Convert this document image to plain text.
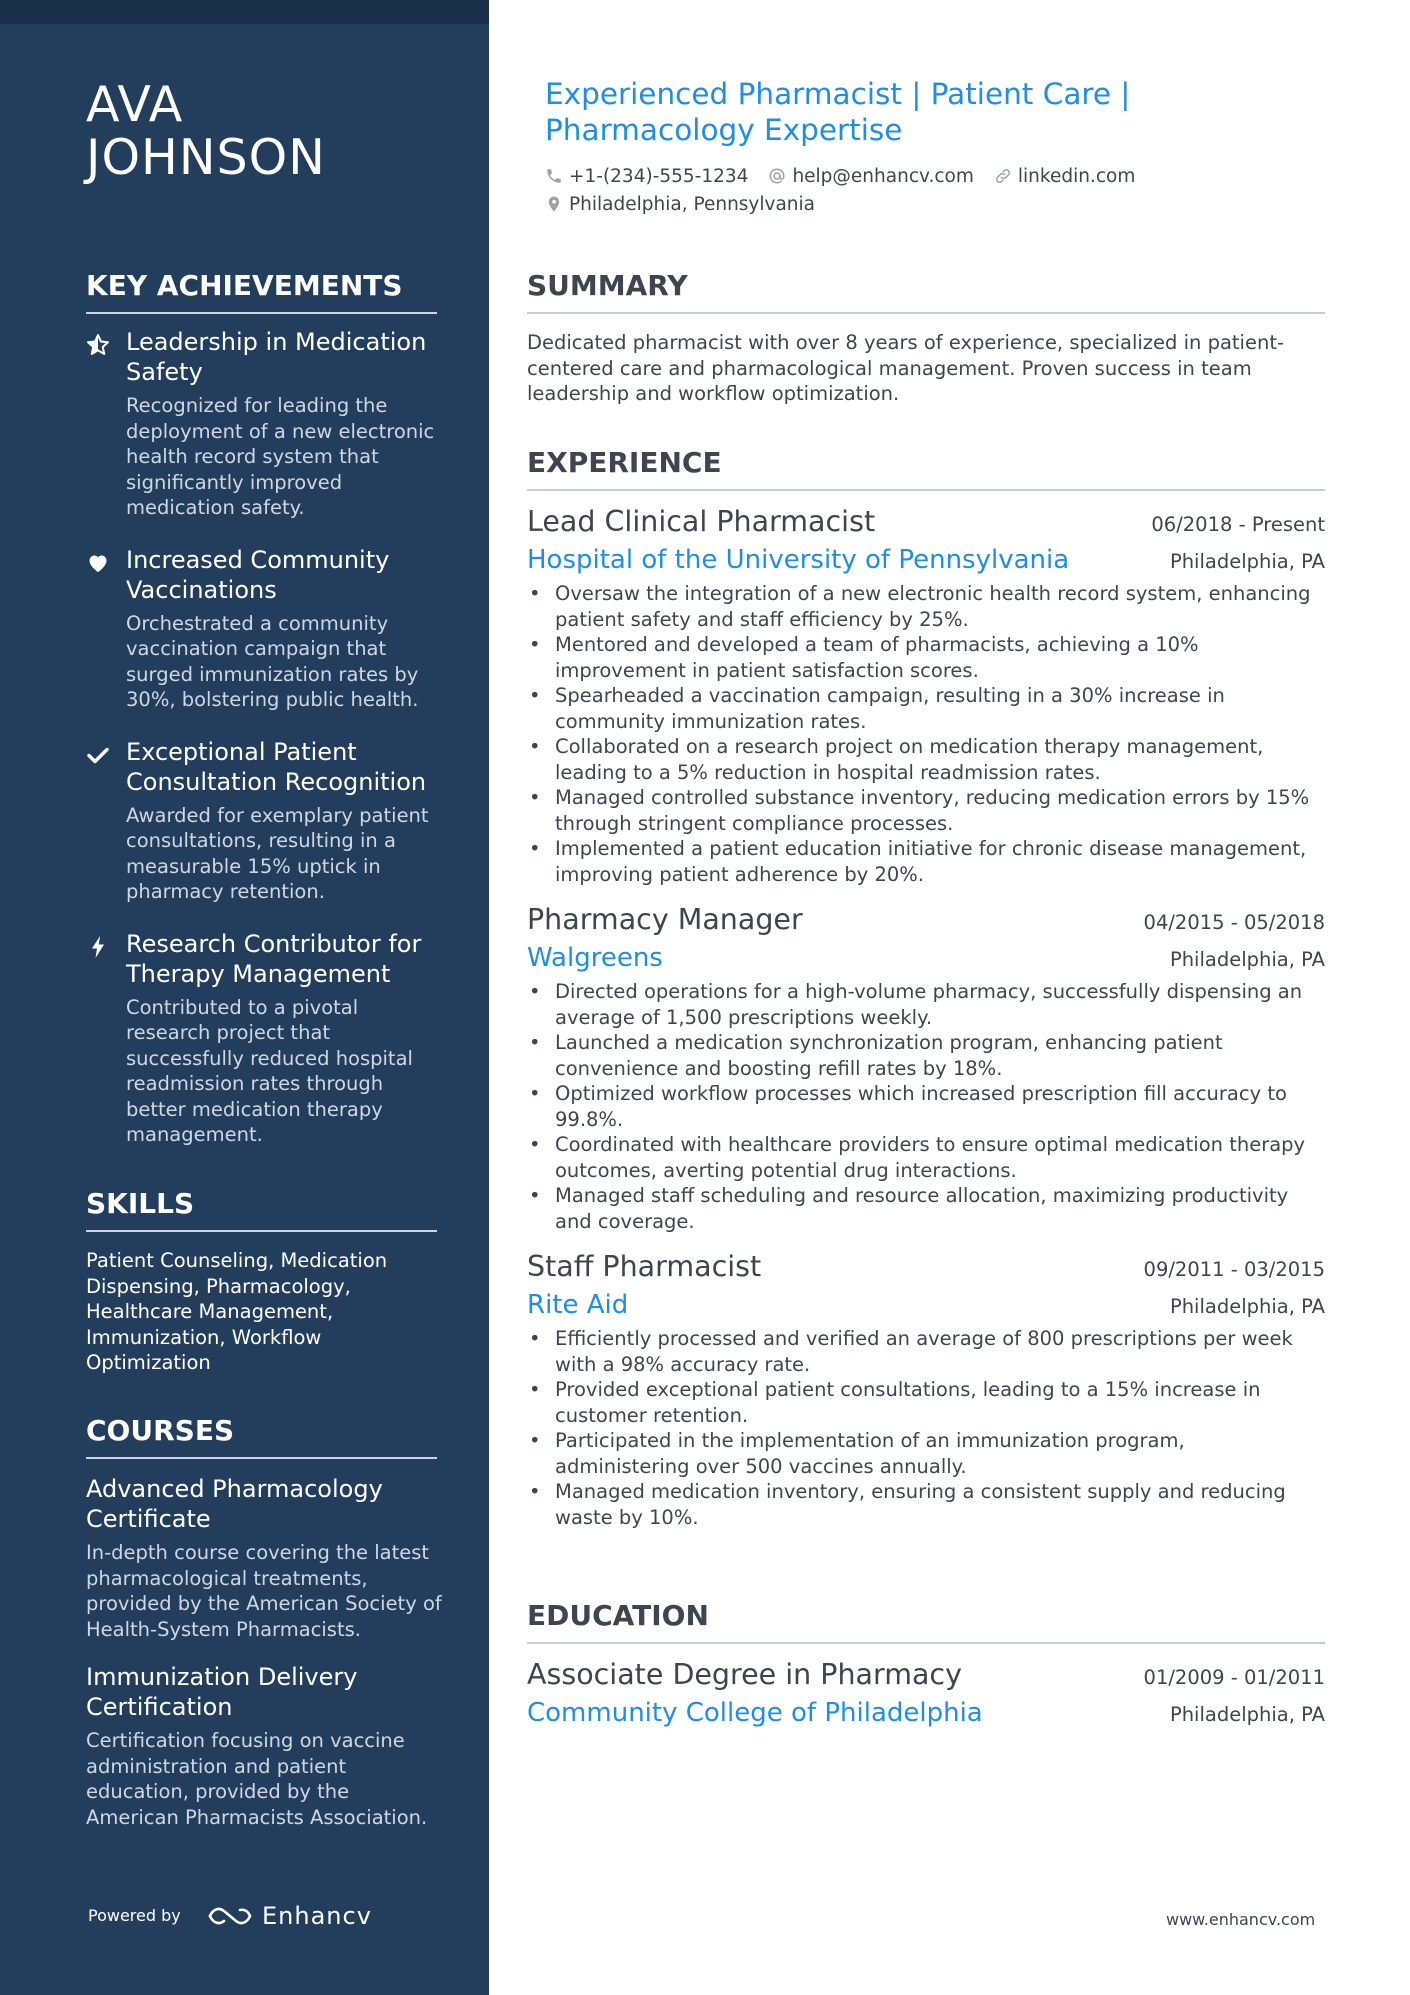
AVA
JOHNSON
KEY ACHIEVEMENTS
Leadership in Medication Safety
Recognized for leading the deployment of a new electronic health record system that significantly improved medication safety.
Increased Community Vaccinations
Orchestrated a community vaccination campaign that surged immunization rates by 30%, bolstering public health.
Exceptional Patient Consultation Recognition
Awarded for exemplary patient consultations, resulting in a measurable 15% uptick in pharmacy retention.
Research Contributor for Therapy Management
Contributed to a pivotal research project that successfully reduced hospital readmission rates through better medication therapy management.
SKILLS
Patient Counseling, Medication Dispensing, Pharmacology, Healthcare Management, Immunization, Workflow Optimization
COURSES
Advanced Pharmacology Certificate
In-depth course covering the latest pharmacological treatments, provided by the American Society of Health-System Pharmacists.
Immunization Delivery Certification
Certification focusing on vaccine administration and patient education, provided by the American Pharmacists Association.
Powered by	Enhancv
Experienced Pharmacist | Patient Care | Pharmacology Expertise
+1-(234)-555-1234 help@enhancv.com linkedin.com
Philadelphia, Pennsylvania
SUMMARY

Dedicated pharmacist with over 8 years of experience, specialized in patient-centered care and pharmacological management. Proven success in team leadership and workflow optimization.

EXPERIENCE
Lead Clinical Pharmacist	06/2018 - Present
Hospital of the University of Pennsylvania	Philadelphia, PA
• Oversaw the integration of a new electronic health record system, enhancing patient safety and staff efficiency by 25%.
• Mentored and developed a team of pharmacists, achieving a 10% improvement in patient satisfaction scores.
• Spearheaded a vaccination campaign, resulting in a 30% increase in community immunization rates.
• Collaborated on a research project on medication therapy management, leading to a 5% reduction in hospital readmission rates.
• Managed controlled substance inventory, reducing medication errors by 15% through stringent compliance processes.
• Implemented a patient education initiative for chronic disease management, improving patient adherence by 20%.
Pharmacy Manager	04/2015 - 05/2018
Walgreens	Philadelphia, PA
• Directed operations for a high-volume pharmacy, successfully dispensing an average of 1,500 prescriptions weekly.
• Launched a medication synchronization program, enhancing patient convenience and boosting refill rates by 18%.
• Optimized workflow processes which increased prescription fill accuracy to 99.8%.
• Coordinated with healthcare providers to ensure optimal medication therapy outcomes, averting potential drug interactions.
• Managed staff scheduling and resource allocation, maximizing productivity and coverage.
Staff Pharmacist	09/2011 - 03/2015
Rite Aid	Philadelphia, PA
• Efficiently processed and verified an average of 800 prescriptions per week with a 98% accuracy rate.
• Provided exceptional patient consultations, leading to a 15% increase in customer retention.
• Participated in the implementation of an immunization program, administering over 500 vaccines annually.
• Managed medication inventory, ensuring a consistent supply and reducing waste by 10%.
EDUCATION
Associate Degree in Pharmacy	01/2009 - 01/2011
Community College of Philadelphia	Philadelphia, PA
www.enhancv.com
